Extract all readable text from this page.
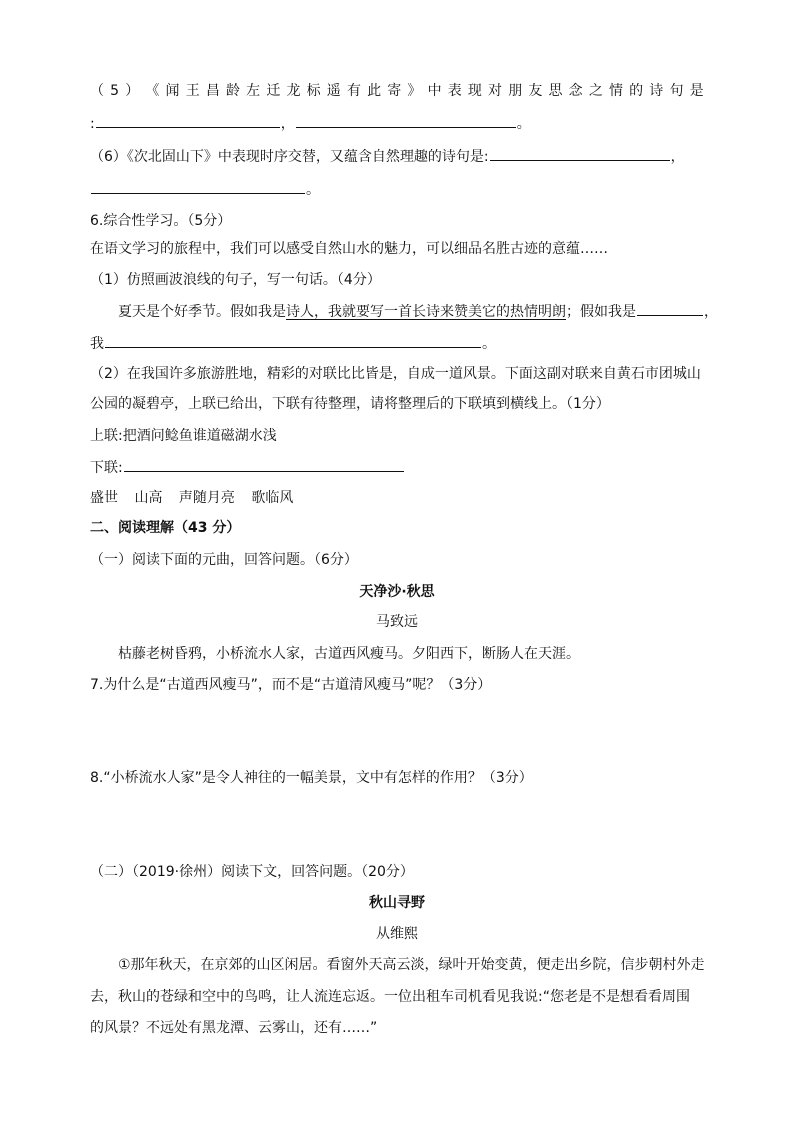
（ 5 ） 《 闻 王 昌 龄 左 迁 龙 标 遥 有 此 寄 》 中 表 现 对 朋 友 思 念 之 情 的 诗 句 是
:	，	。
（6）《次北固山下》中表现时序交替，又蕴含自然理趣的诗句是:	，
。
6.综合性学习。（5分）
在语文学习的旅程中，我们可以感受自然山水的魅力，可以细品名胜古迹的意蕴……
（1）仿照画波浪线的句子，写一句话。（4分）
夏天是个好季节。假如我是诗人，我就要写一首长诗来赞美它的热情明朗；假如我是	，
我	。
（2）在我国许多旅游胜地，精彩的对联比比皆是，自成一道风景。下面这副对联来自黄石市团城山
公园的凝碧亭，上联已给出，下联有待整理，请将整理后的下联填到横线上。（1分）
上联:把酒问鲶鱼谁道磁湖水浅
下联:
盛世 山高 声随月亮 歌临风
二、阅读理解（43 分）
（一）阅读下面的元曲，回答问题。（6分）
天净沙·秋思
马致远
枯藤老树昏鸦，小桥流水人家，古道西风瘦马。夕阳西下，断肠人在天涯。
7.为什么是“古道西风瘦马”，而不是“古道清风瘦马”呢？（3分）
8.“小桥流水人家”是令人神往的一幅美景，文中有怎样的作用？（3分）
（二）（2019·徐州）阅读下文，回答问题。（20分）
秋山寻野
从维熙
①那年秋天，在京郊的山区闲居。看窗外天高云淡，绿叶开始变黄，便走出乡院，信步朝村外走
去，秋山的苍绿和空中的鸟鸣，让人流连忘返。一位出租车司机看见我说:“您老是不是想看看周围
的风景？不远处有黑龙潭、云雾山，还有……”
